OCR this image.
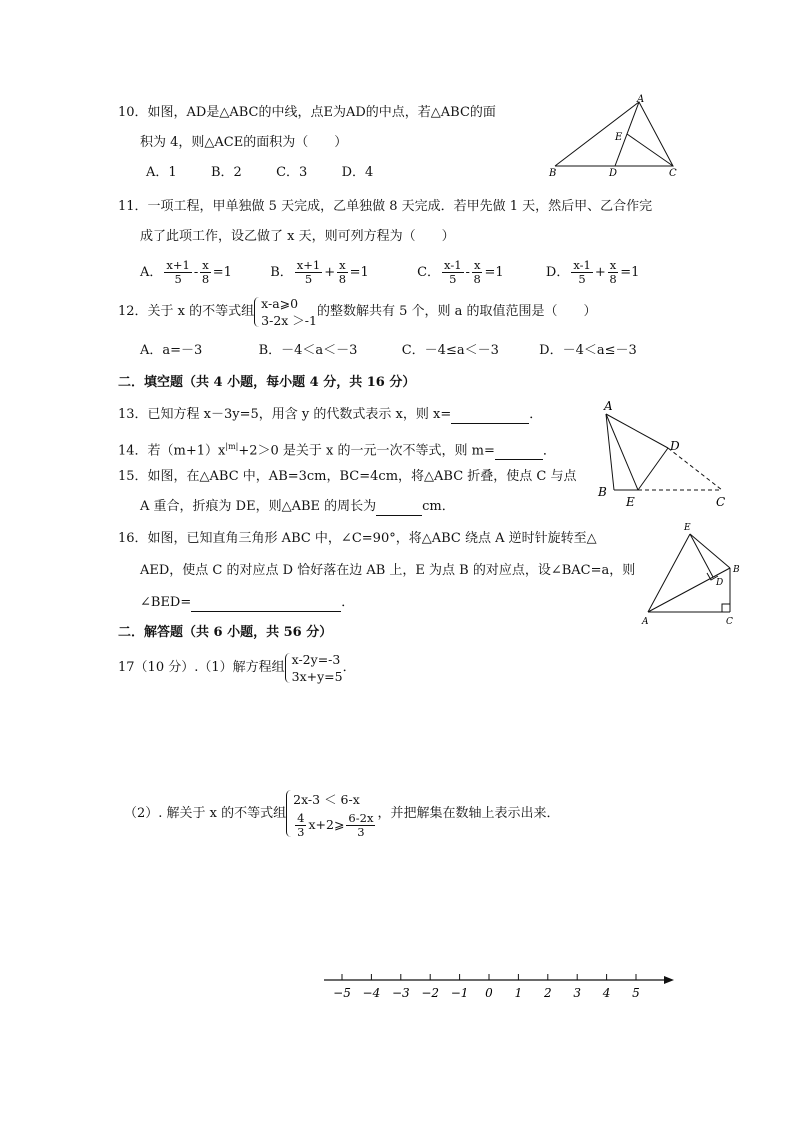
10．如图，AD是△ABC的中线，点E为AD的中点，若△ABC的面
积为 4，则△ACE的面积为（　　）
A．1	B．2	C．3	D．4
A
B	C
D
E
11．一项工程，甲单独做 5 天完成，乙单独做 8 天完成．若甲先做 1 天，然后甲、乙合作完
成了此项工作，设乙做了 x 天，则可列方程为（　　）
A． $\frac{x+1}{5} - \frac{x}{8} =1$	B． $\frac{x+1}{5} + \frac{x}{8} =1$	C． $\frac{x-1}{5} - \frac{x}{8} =1$	D． $\frac{x-1}{5} + \frac{x}{8} =1$
12．关于 x 的不等式组
x-a⩾0
3-2x ＞-1
的整数解共有 5 个，则 a 的取值范围是（　　）
A．a=－3	B．－4＜a＜－3	C．－4≤a＜－3	D．－4＜a≤－3
二．填空题（共 4 小题，每小题 4 分，共 16 分）
13．已知方程 x－3y=5，用含 y 的代数式表示 x，则 x=	．
14．若$(m+1)x^{|m|}+2>0$ 是关于 x 的一元一次不等式，则 m=	．
15．如图，在△ABC 中，AB=3cm，BC=4cm，将△ABC 折叠，使点 C 与点
A 重合，折痕为 DE，则△ABE 的周长为	cm．
A
B
C
D
E
16．如图，已知直角三角形 ABC 中，∠C=90°，将△ABC 绕点 A 逆时针旋转至△
AED，使点 C 的对应点 D 恰好落在边 AB 上，E 为点 B 的对应点，设∠BAC=a，则
∠BED=	．
E
B
D
A	C
二．解答题（共 6 小题，共 56 分）
17（10 分）.（1）解方程组
x-2y=-3
3x+y=5
．
（2）. 解关于 x 的不等式组
2x-3 ＜ 6-x
$\frac{4}{3}$ x+2⩾ $\frac{6-2x}{3}$ ，并把解集在数轴上表示出来．
−5 −4 −3 −2 −1 0 1 2 3 4 5
